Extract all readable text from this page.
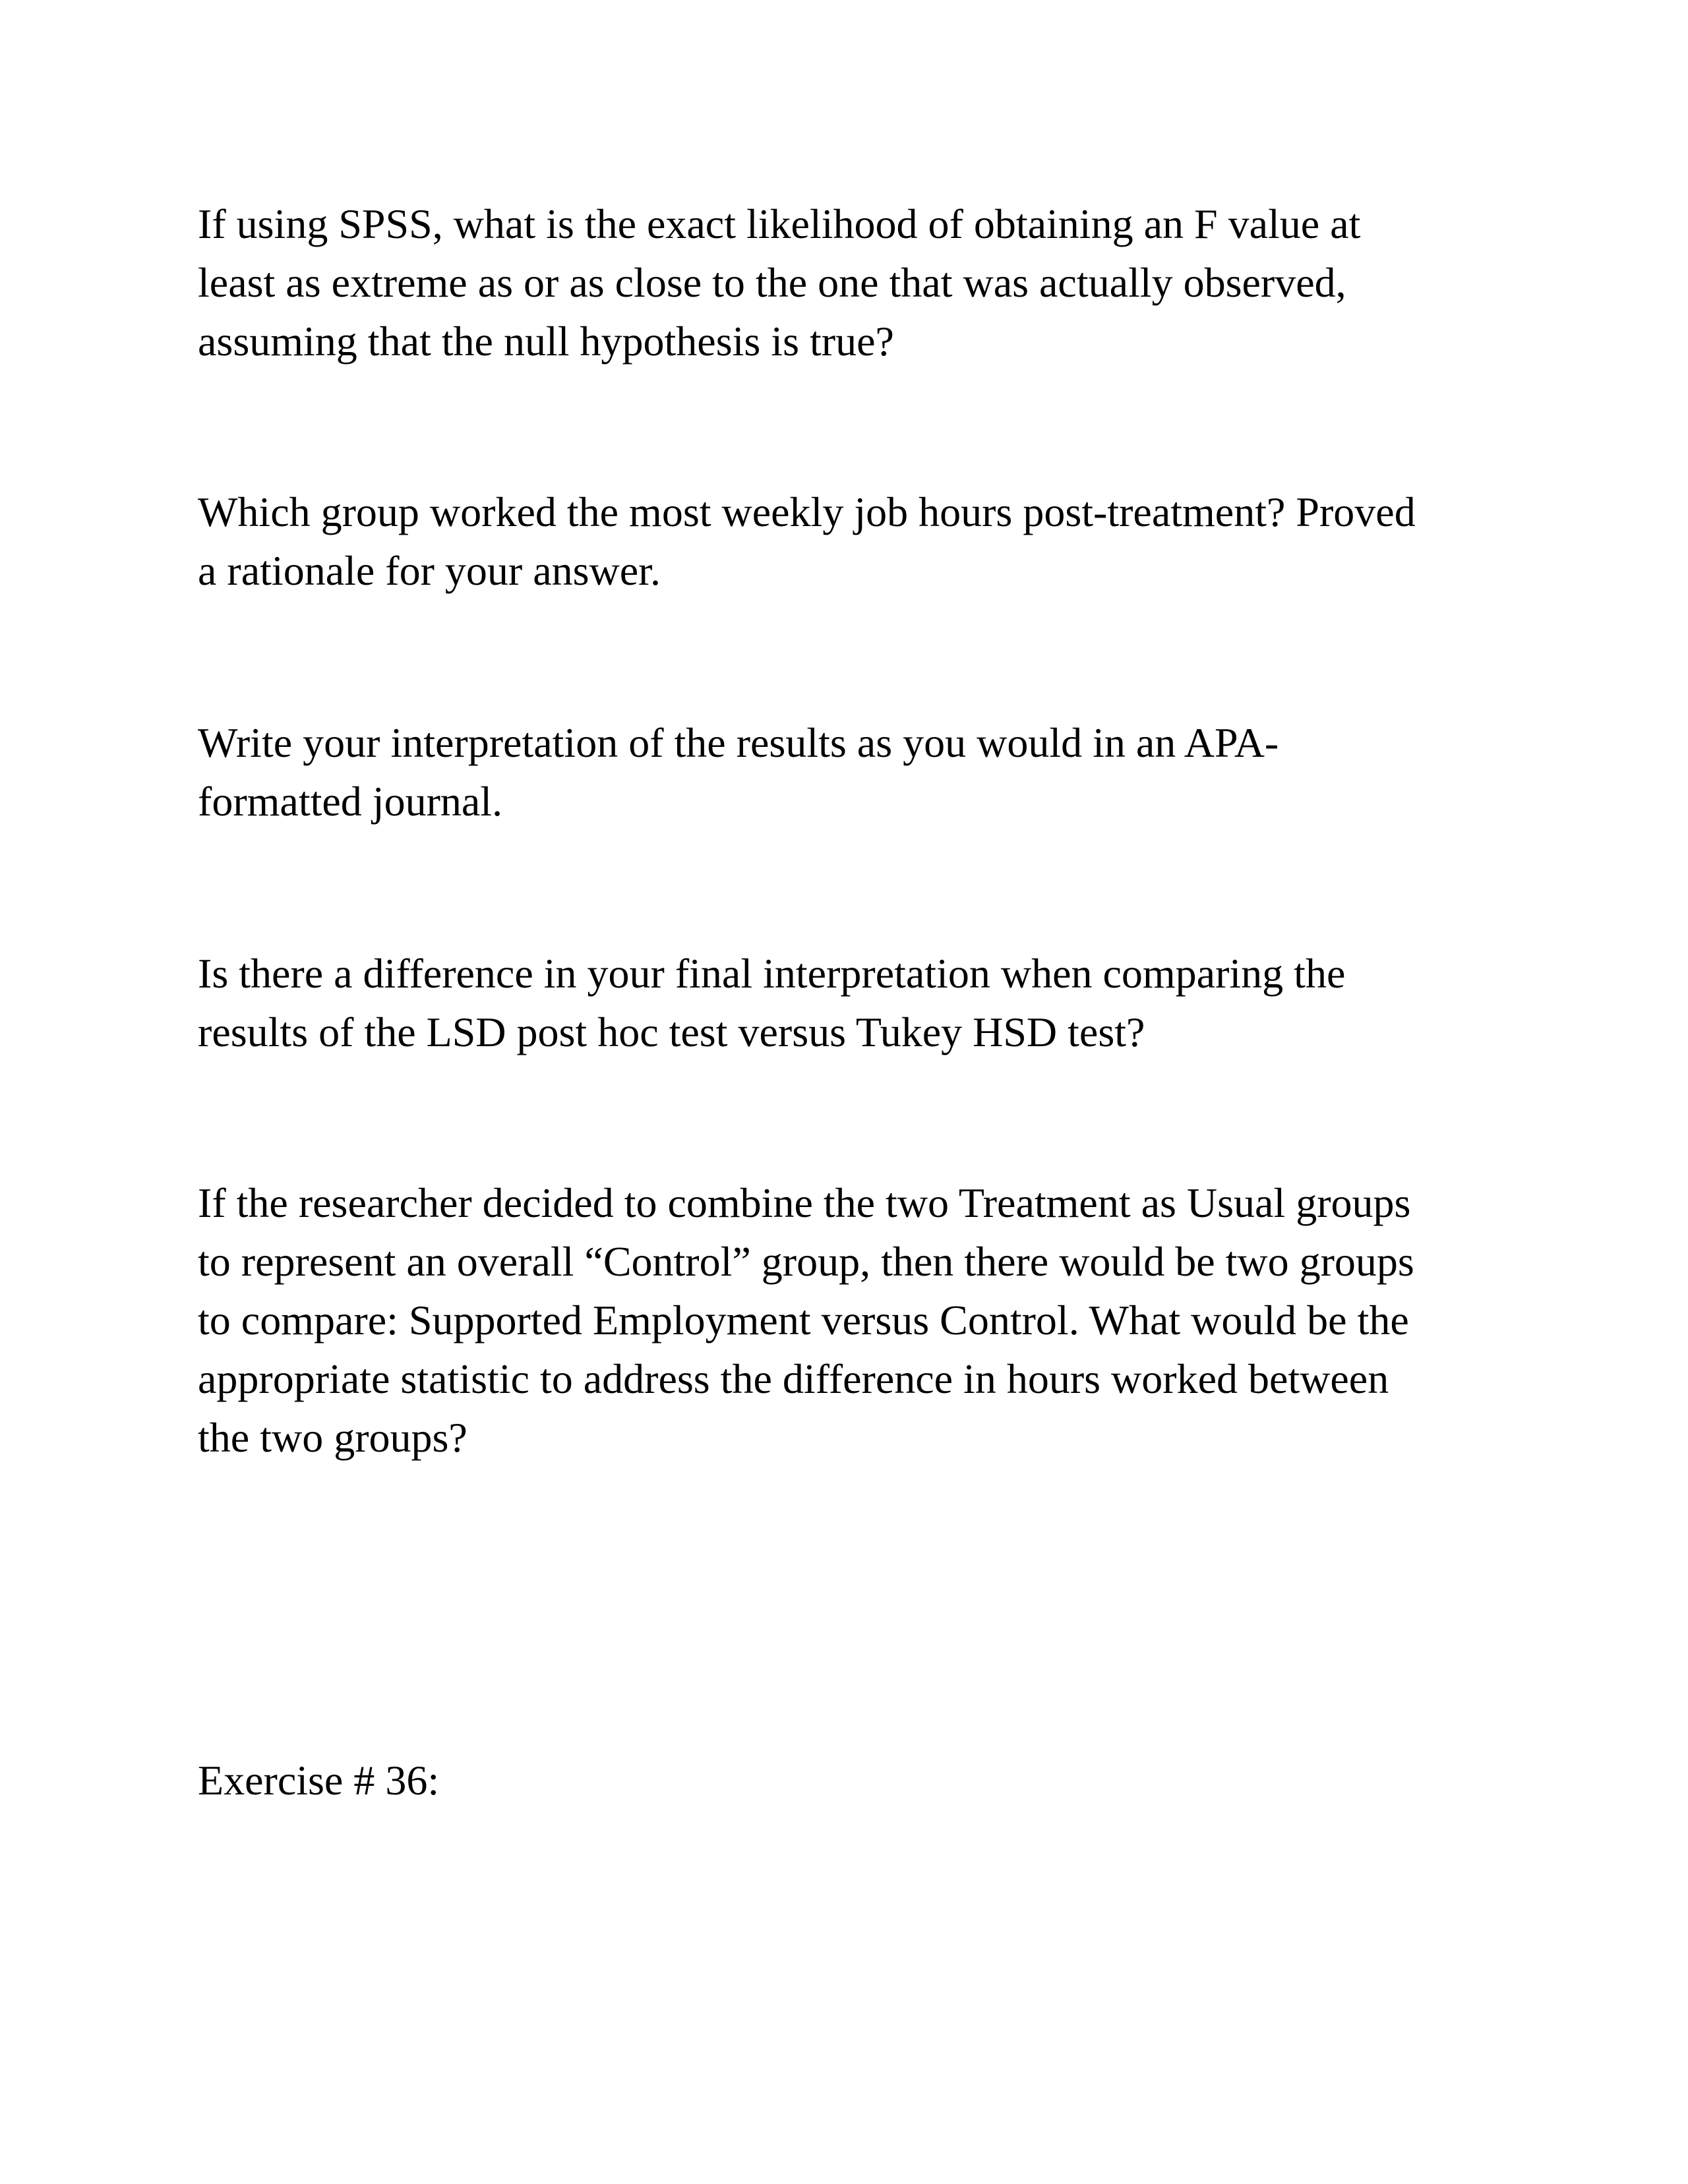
If using SPSS, what is the exact likelihood of obtaining an F value at
least as extreme as or as close to the one that was actually observed,
assuming that the null hypothesis is true?

Which group worked the most weekly job hours post-treatment? Proved
a rationale for your answer.

Write your interpretation of the results as you would in an APA-
formatted journal.

Is there a difference in your final interpretation when comparing the
results of the LSD post hoc test versus Tukey HSD test?

If the researcher decided to combine the two Treatment as Usual groups
to represent an overall “Control” group, then there would be two groups
to compare: Supported Employment versus Control. What would be the
appropriate statistic to address the difference in hours worked between
the two groups?

Exercise # 36:
